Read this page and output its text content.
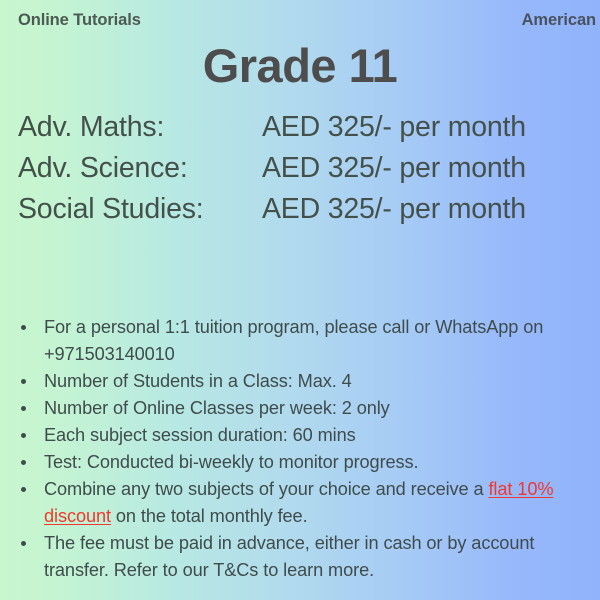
Online Tutorials	American
Grade 11
Adv. Maths:	AED 325/- per month
Adv. Science:	AED 325/- per month
Social Studies:	AED 325/- per month
For a personal 1:1 tuition program, please call or WhatsApp on +971503140010
Number of Students in a Class: Max. 4
Number of Online Classes per week: 2 only
Each subject session duration: 60 mins
Test: Conducted bi-weekly to monitor progress.
Combine any two subjects of your choice and receive a flat 10% discount on the total monthly fee.
The fee must be paid in advance, either in cash or by account transfer. Refer to our T&Cs to learn more.
